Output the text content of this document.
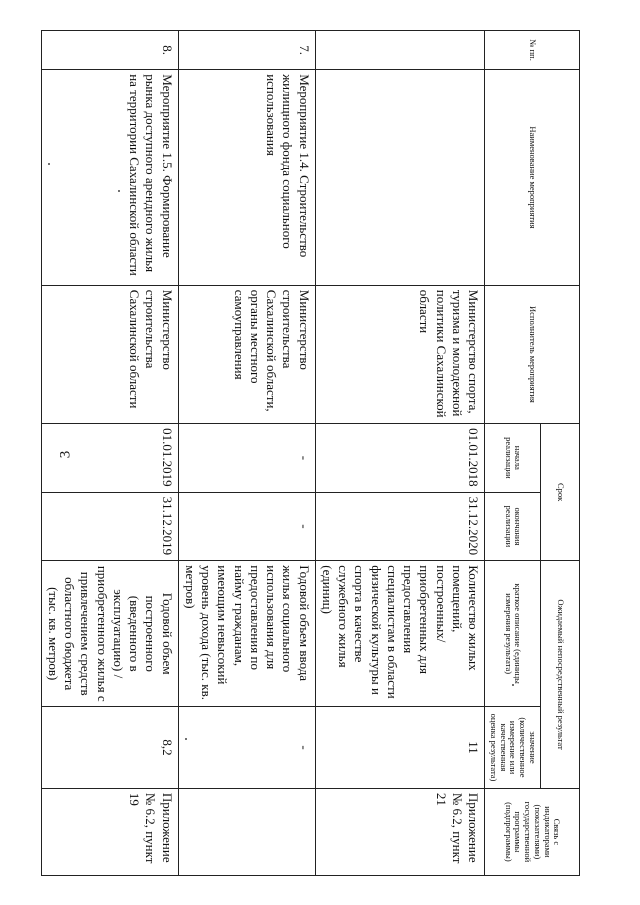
3
№ пп.	Наименование мероприятия	Исполнитель мероприятия	Срок		Ожидаемый непосредственный результат		Связь с индикаторами (показателями) государственной программы (подпрограммы)
			начала реализации	окончания реализации	краткое описание (единицы измерения результата)	значение (количественное измерение или качественная оценка результата)	
		Министерство спорта, туризма и молодежной политики Сахалинской области	01.01.2018	31.12.2020	Количество жилых помещений, построенных/приобретенных для предоставления специалистам в области физической культуры и спорта в качестве служебного жилья (единиц)	11	Приложение № 6.2, пункт 21
7.	Мероприятие 1.4. Строительство жилищного фонда социального использования	Министерство строительства Сахалинской области, органы местного самоуправления	-	-	Годовой объем ввода жилья социального использования для предоставления по найму гражданам, имеющим невысокий уровень дохода (тыс. кв. метров)	-	
8.	Мероприятие 1.5. Формирование рынка доступного арендного жилья на территории Сахалинской области	Министерство строительства Сахалинской области	01.01.2019	31.12.2019	Годовой объем построенного (введенного в эксплуатацию) /приобретенного жилья с привлечением средств областного бюджета (тыс. кв. метров)	8,2	Приложение № 6.2, пункт 19
